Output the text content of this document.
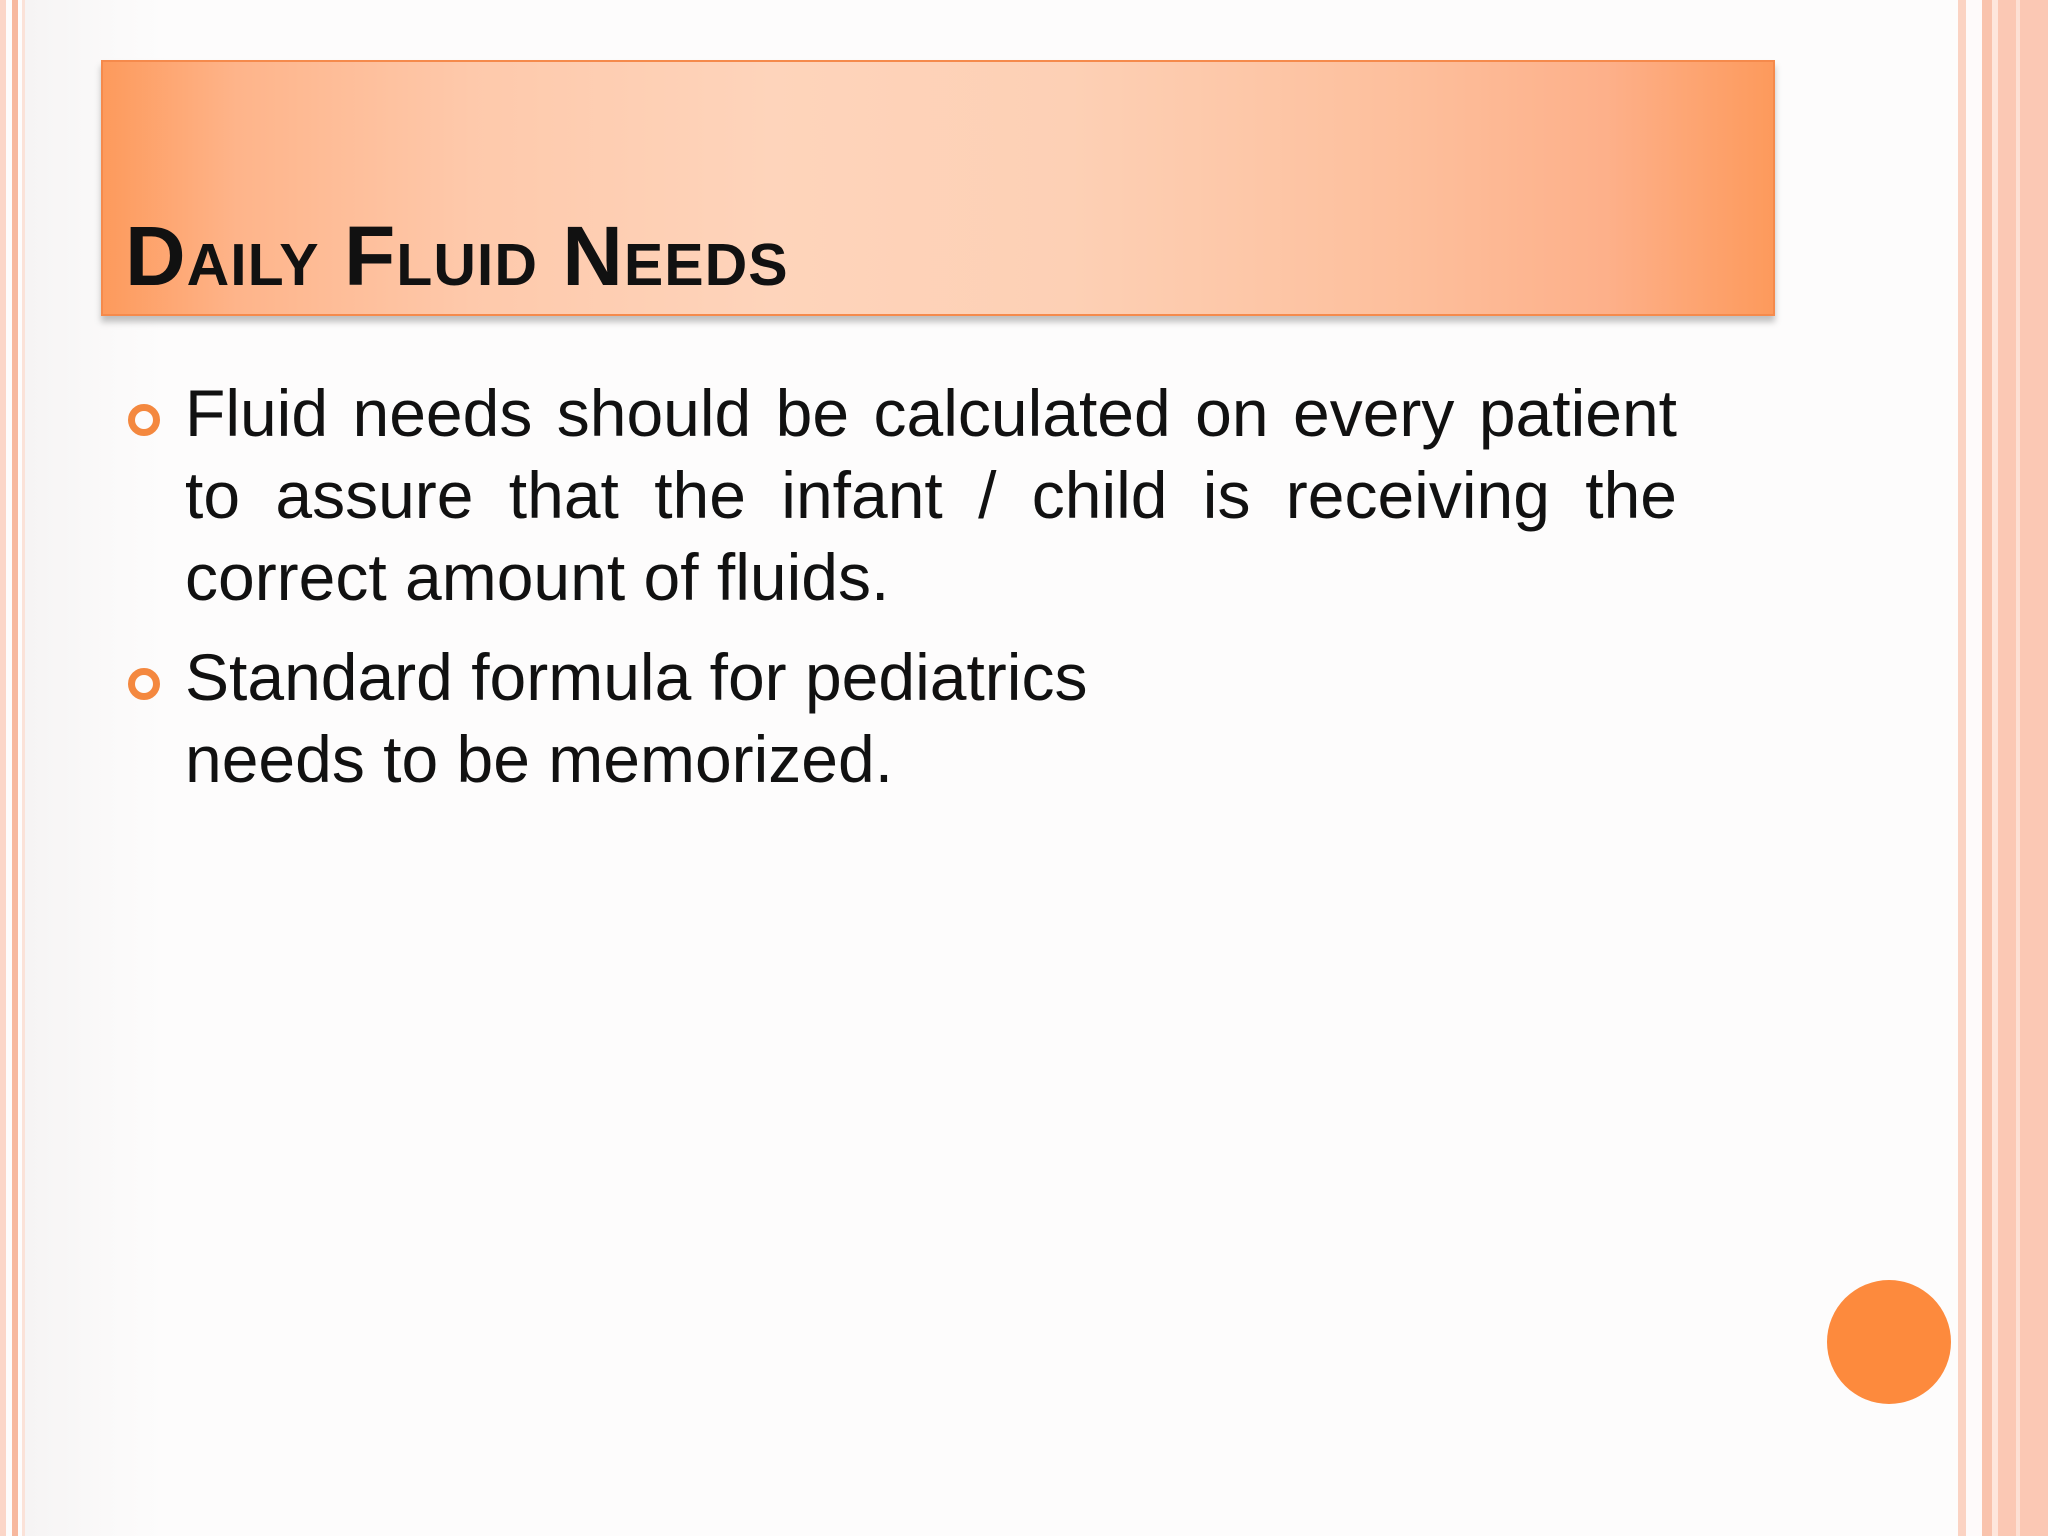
Daily Fluid Needs
Fluid needs should be calculated on every patient to assure that the infant / child is receiving the correct amount of fluids.
Standard formula for pediatrics needs to be memorized.
